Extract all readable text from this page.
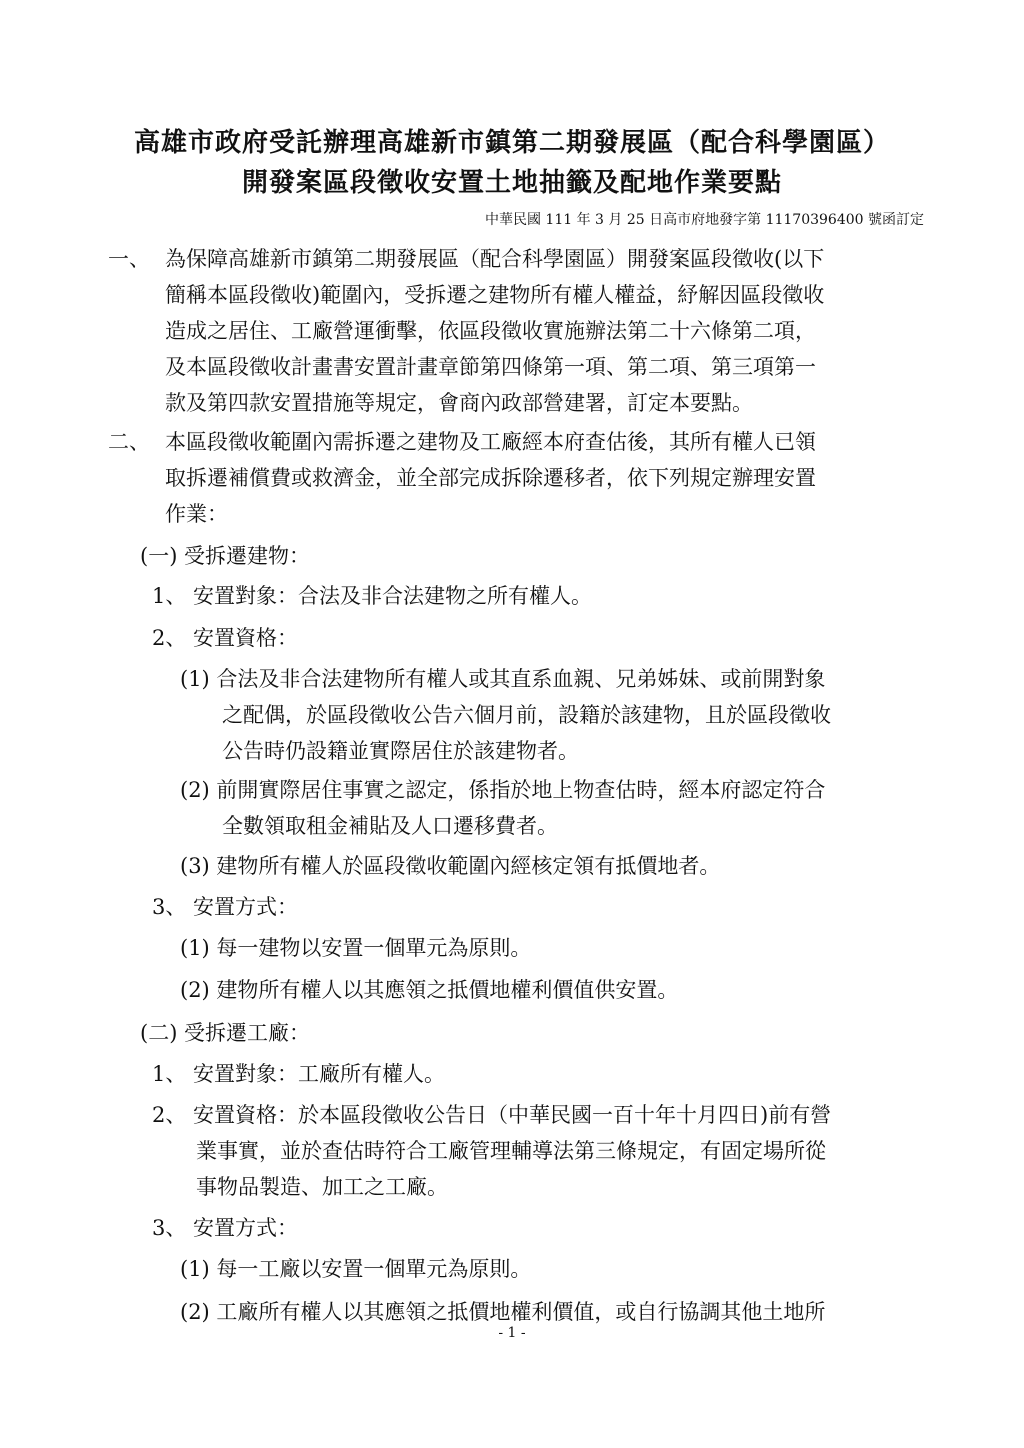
高雄市政府受託辦理高雄新市鎮第二期發展區（配合科學園區）
開發案區段徵收安置土地抽籤及配地作業要點
中華民國 111 年 3 月 25 日高市府地發字第 11170396400 號函訂定
一、 為保障高雄新市鎮第二期發展區（配合科學園區）開發案區段徵收(以下
簡稱本區段徵收)範圍內，受拆遷之建物所有權人權益，紓解因區段徵收
造成之居住、工廠營運衝擊，依區段徵收實施辦法第二十六條第二項，
及本區段徵收計畫書安置計畫章節第四條第一項、第二項、第三項第一
款及第四款安置措施等規定，會商內政部營建署，訂定本要點。
二、 本區段徵收範圍內需拆遷之建物及工廠經本府查估後，其所有權人已領
取拆遷補償費或救濟金，並全部完成拆除遷移者，依下列規定辦理安置
作業：
(一) 受拆遷建物：
1、 安置對象：合法及非合法建物之所有權人。
2、 安置資格：
(1) 合法及非合法建物所有權人或其直系血親、兄弟姊妹、或前開對象
之配偶，於區段徵收公告六個月前，設籍於該建物，且於區段徵收
公告時仍設籍並實際居住於該建物者。
(2) 前開實際居住事實之認定，係指於地上物查估時，經本府認定符合
全數領取租金補貼及人口遷移費者。
(3) 建物所有權人於區段徵收範圍內經核定領有抵價地者。
3、 安置方式：
(1) 每一建物以安置一個單元為原則。
(2) 建物所有權人以其應領之抵價地權利價值供安置。
(二) 受拆遷工廠：
1、 安置對象：工廠所有權人。
2、 安置資格：於本區段徵收公告日（中華民國一百十年十月四日)前有營
業事實，並於查估時符合工廠管理輔導法第三條規定，有固定場所從
事物品製造、加工之工廠。
3、 安置方式：
(1) 每一工廠以安置一個單元為原則。
(2) 工廠所有權人以其應領之抵價地權利價值，或自行協調其他土地所
- 1 -
